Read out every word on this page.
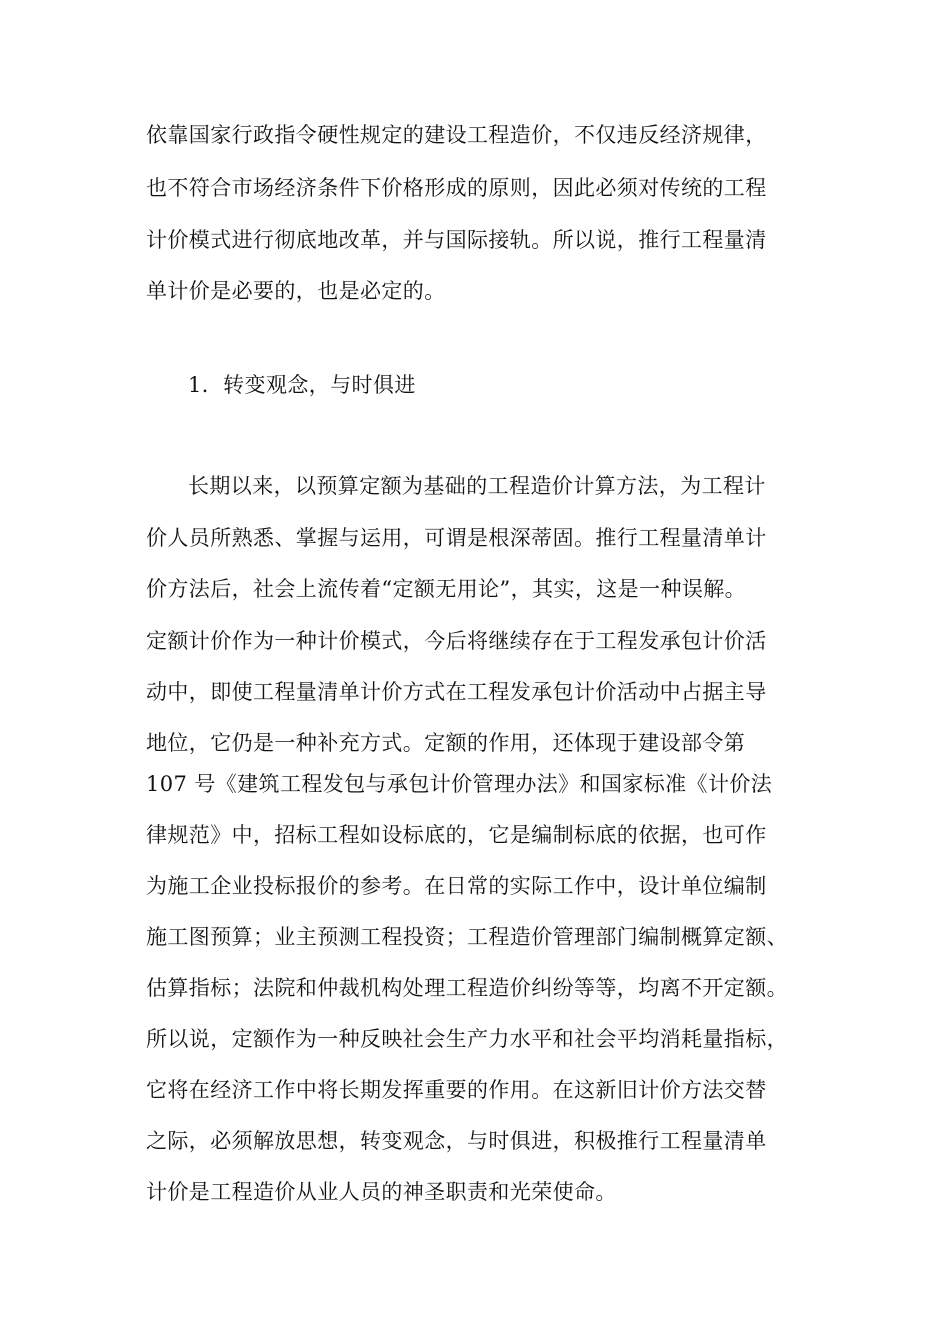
依靠国家行政指令硬性规定的建设工程造价，不仅违反经济规律，
也不符合市场经济条件下价格形成的原则，因此必须对传统的工程
计价模式进行彻底地改革，并与国际接轨。所以说，推行工程量清
单计价是必要的，也是必定的。
1．转变观念，与时俱进
长期以来，以预算定额为基础的工程造价计算方法，为工程计
价人员所熟悉、掌握与运用，可谓是根深蒂固。推行工程量清单计
价方法后，社会上流传着“定额无用论”，其实，这是一种误解。
定额计价作为一种计价模式，今后将继续存在于工程发承包计价活
动中，即使工程量清单计价方式在工程发承包计价活动中占据主导
地位，它仍是一种补充方式。定额的作用，还体现于建设部令第
107 号《建筑工程发包与承包计价管理办法》和国家标准《计价法
律规范》中，招标工程如设标底的，它是编制标底的依据，也可作
为施工企业投标报价的参考。在日常的实际工作中，设计单位编制
施工图预算；业主预测工程投资；工程造价管理部门编制概算定额、
估算指标；法院和仲裁机构处理工程造价纠纷等等，均离不开定额。
所以说，定额作为一种反映社会生产力水平和社会平均消耗量指标，
它将在经济工作中将长期发挥重要的作用。在这新旧计价方法交替
之际，必须解放思想，转变观念，与时俱进，积极推行工程量清单
计价是工程造价从业人员的神圣职责和光荣使命。
